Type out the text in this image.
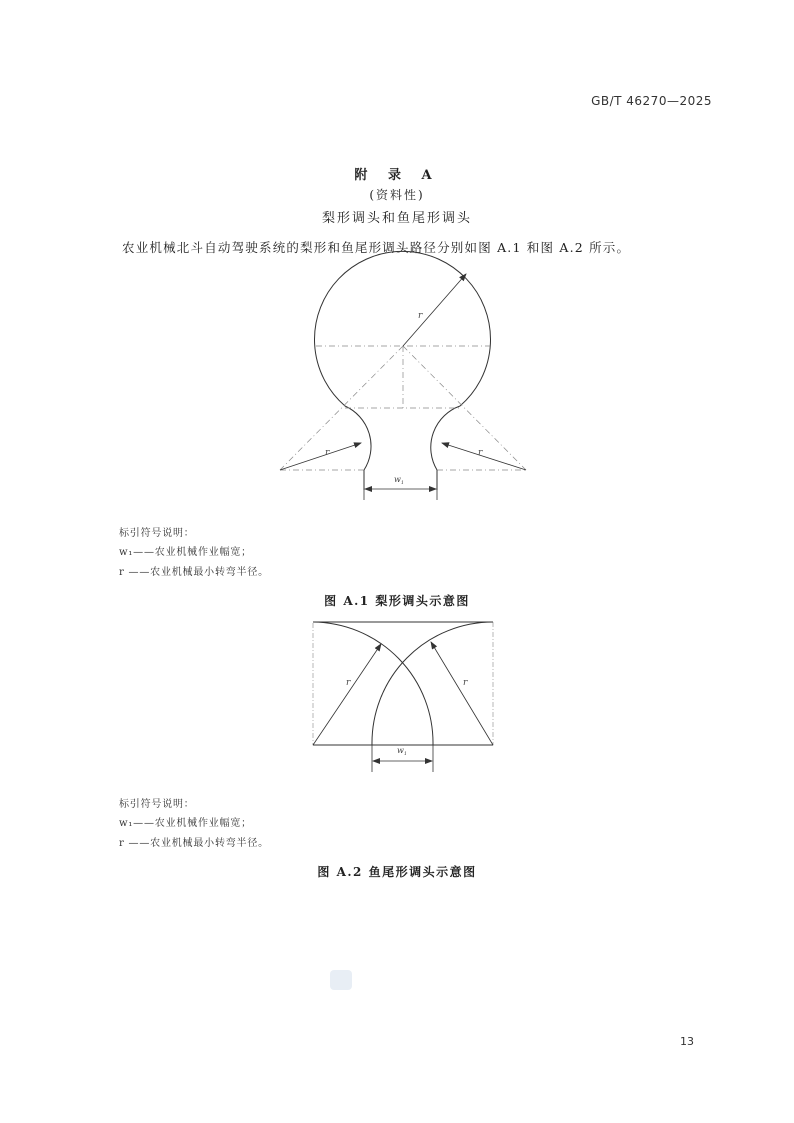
GB/T 46270—2025
附 录 A
(资料性)
梨形调头和鱼尾形调头
农业机械北斗自动驾驶系统的梨形和鱼尾形调头路径分别如图 A.1 和图 A.2 所示。
r
r	r
$w_1$
r	r
$w_1$
标引符号说明：
w₁——农业机械作业幅宽；
r ——农业机械最小转弯半径。
图 A.1 梨形调头示意图
标引符号说明：
w₁——农业机械作业幅宽；
r ——农业机械最小转弯半径。
图 A.2 鱼尾形调头示意图
13
